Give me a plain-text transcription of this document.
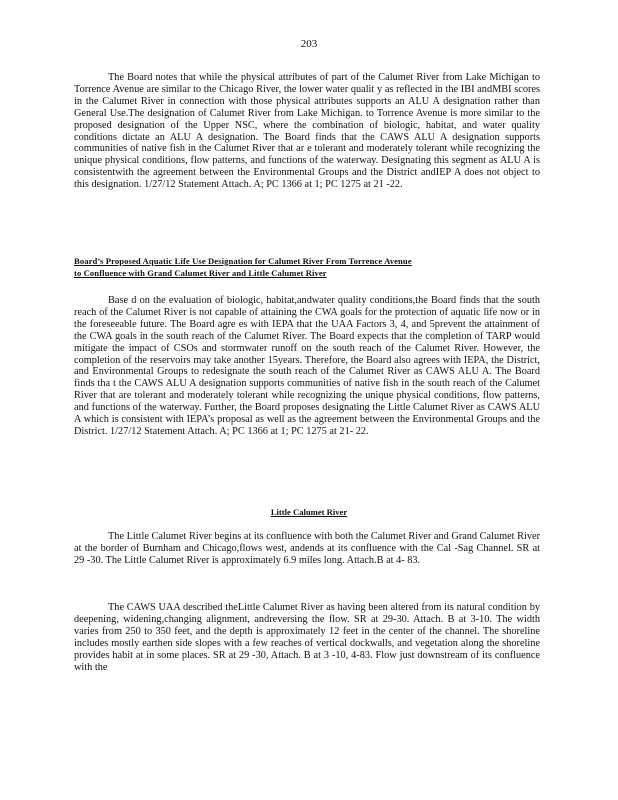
203

The Board notes that while the physical attributes of part of the Calumet River from Lake Michigan to Torrence Avenue are similar to the Chicago River, the lower water qualit y as reflected in the IBI andMBI scores in the Calumet River in connection with those physical attributes supports an ALU A designation rather than General Use.The designation of Calumet River from Lake Michigan. to Torrence Avenue is more similar to the proposed designation of the Upper NSC, where the combination of biologic, habitat, and water quality conditions dictate an ALU A designation. The Board finds that the CAWS ALU A designation supports communities of native fish in the Calumet River that ar e tolerant and moderately tolerant while recognizing the unique physical conditions, flow patterns, and functions of the waterway. Designating this segment as ALU A is consistentwith the agreement between the Environmental Groups and the District andIEP A does not object to this designation. 1/27/12 Statement Attach. A; PC 1366 at 1; PC 1275 at 21 -22.

Board’s Proposed Aquatic Life Use Designation for Calumet River From Torrence Avenue
to Confluence with Grand Calumet River and Little Calumet River

Base d on the evaluation of biologic, habitat,andwater quality conditions,the Board finds that the south reach of the Calumet River is not capable of attaining the CWA goals for the protection of aquatic life now or in the foreseeable future. The Board agre es with IEPA that the UAA Factors 3, 4, and 5prevent the attainment of the CWA goals in the south reach of the Calumet River. The Board expects that the completion of TARP would mitigate the impact of CSOs and stormwater runoff on the south reach of the Calumet River. However, the completion of the reservoirs may take another 15years. Therefore, the Board also agrees with IEPA, the District, and Environmental Groups to redesignate the south reach of the Calumet River as CAWS ALU A. The Board finds tha t the CAWS ALU A designation supports communities of native fish in the south reach of the Calumet River that are tolerant and moderately tolerant while recognizing the unique physical conditions, flow patterns, and functions of the waterway. Further, the Board proposes designating the Little Calumet River as CAWS ALU A which is consistent with IEPA’s proposal as well as the agreement between the Environmental Groups and the District. 1/27/12 Statement Attach. A; PC 1366 at 1; PC 1275 at 21- 22.

Little Calumet River

The Little Calumet River begins at its confluence with both the Calumet River and Grand Calumet River at the border of Burnham and Chicago,flows west, andends at its confluence with the Cal -Sag Channel. SR at 29 -30. The Little Calumet River is approximately 6.9 miles long. Attach.B at 4- 83.

The CAWS UAA described theLittle Calumet River as having been altered from its natural condition by deepening, widening,changing alignment, andreversing the flow. SR at 29-30. Attach. B at 3-10. The width varies from 250 to 350 feet, and the depth is approximately 12 feet in the center of the channel. The shoreline includes mostly earthen side slopes with a few reaches of vertical dockwalls, and vegetation along the shoreline provides habit at in some places. SR at 29 -30, Attach. B at 3 -10, 4-83. Flow just downstream of its confluence with the
